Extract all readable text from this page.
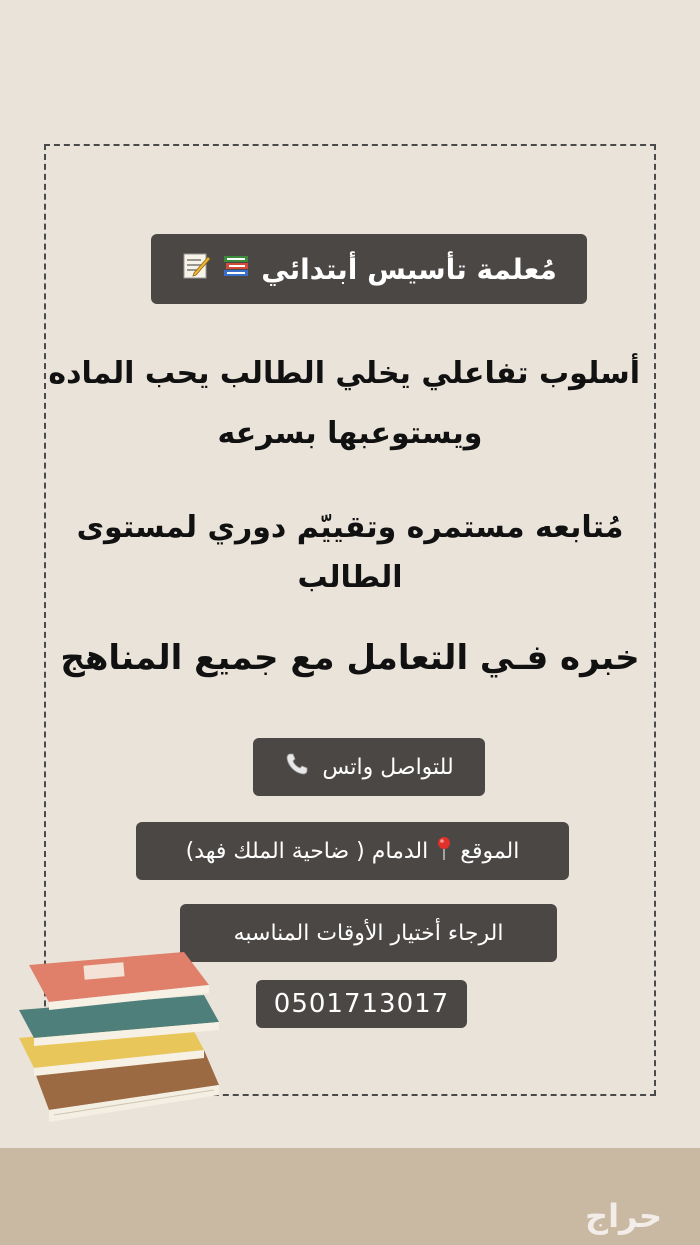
مُعلمة تأسيس أبتدائي
أسلوب تفاعلي يخلي الطالب يحب الماده
ويستوعبها بسرعه
مُتابعه مستمره وتقييّم دوري لمستوى
الطالب
خبره فـي التعامل مع جميع المناهج
للتواصل واتس
الموقع
الدمام ( ضاحية الملك فهد)
الرجاء أختيار الأوقات المناسبه
0501713017
حراج
